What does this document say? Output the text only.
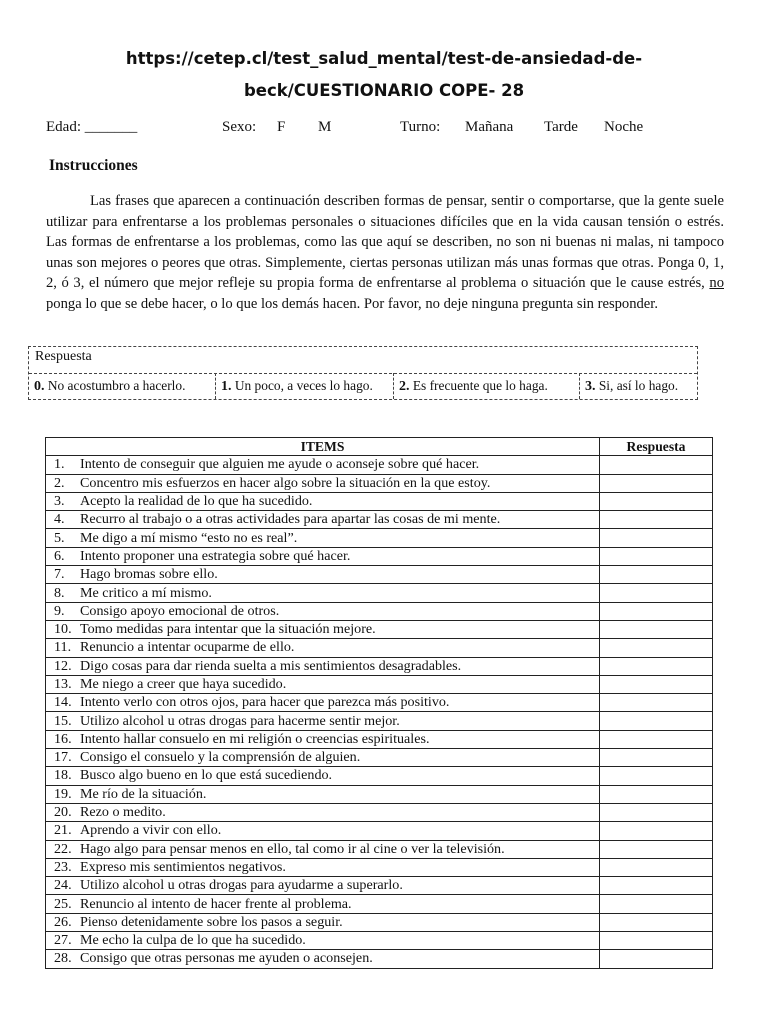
https://cetep.cl/test_salud_mental/test-de-ansiedad-de-
beck/CUESTIONARIO COPE- 28
Edad: _______	Sexo: F M	Turno: Mañana Tarde Noche
Instrucciones
Las frases que aparecen a continuación describen formas de pensar, sentir o comportarse, que la gente suele utilizar para enfrentarse a los problemas personales o situaciones difíciles que en la vida causan tensión o estrés. Las formas de enfrentarse a los problemas, como las que aquí se describen, no son ni buenas ni malas, ni tampoco unas son mejores o peores que otras. Simplemente, ciertas personas utilizan más unas formas que otras. Ponga 0, 1, 2, ó 3, el número que mejor refleje su propia forma de enfrentarse al problema o situación que le cause estrés, no ponga lo que se debe hacer, o lo que los demás hacen. Por favor, no deje ninguna pregunta sin responder.
Respuesta
0. No acostumbro a hacerlo.	1. Un poco, a veces lo hago.	2. Es frecuente que lo haga.	3. Si, así lo hago.
ITEMS		Respuesta
1.	Intento de conseguir que alguien me ayude o aconseje sobre qué hacer.	
2.	Concentro mis esfuerzos en hacer algo sobre la situación en la que estoy.	
3.	Acepto la realidad de lo que ha sucedido.	
4.	Recurro al trabajo o a otras actividades para apartar las cosas de mi mente.	
5.	Me digo a mí mismo “esto no es real”.	
6.	Intento proponer una estrategia sobre qué hacer.	
7.	Hago bromas sobre ello.	
8.	Me critico a mí mismo.	
9.	Consigo apoyo emocional de otros.	
10.	Tomo medidas para intentar que la situación mejore.	
11.	Renuncio a intentar ocuparme de ello.	
12.	Digo cosas para dar rienda suelta a mis sentimientos desagradables.	
13.	Me niego a creer que haya sucedido.	
14.	Intento verlo con otros ojos, para hacer que parezca más positivo.	
15.	Utilizo alcohol u otras drogas para hacerme sentir mejor.	
16.	Intento hallar consuelo en mi religión o creencias espirituales.	
17.	Consigo el consuelo y la comprensión de alguien.	
18.	Busco algo bueno en lo que está sucediendo.	
19.	Me río de la situación.	
20.	Rezo o medito.	
21.	Aprendo a vivir con ello.	
22.	Hago algo para pensar menos en ello, tal como ir al cine o ver la televisión.	
23.	Expreso mis sentimientos negativos.	
24.	Utilizo alcohol u otras drogas para ayudarme a superarlo.	
25.	Renuncio al intento de hacer frente al problema.	
26.	Pienso detenidamente sobre los pasos a seguir.	
27.	Me echo la culpa de lo que ha sucedido.	
28.	Consigo que otras personas me ayuden o aconsejen.	
